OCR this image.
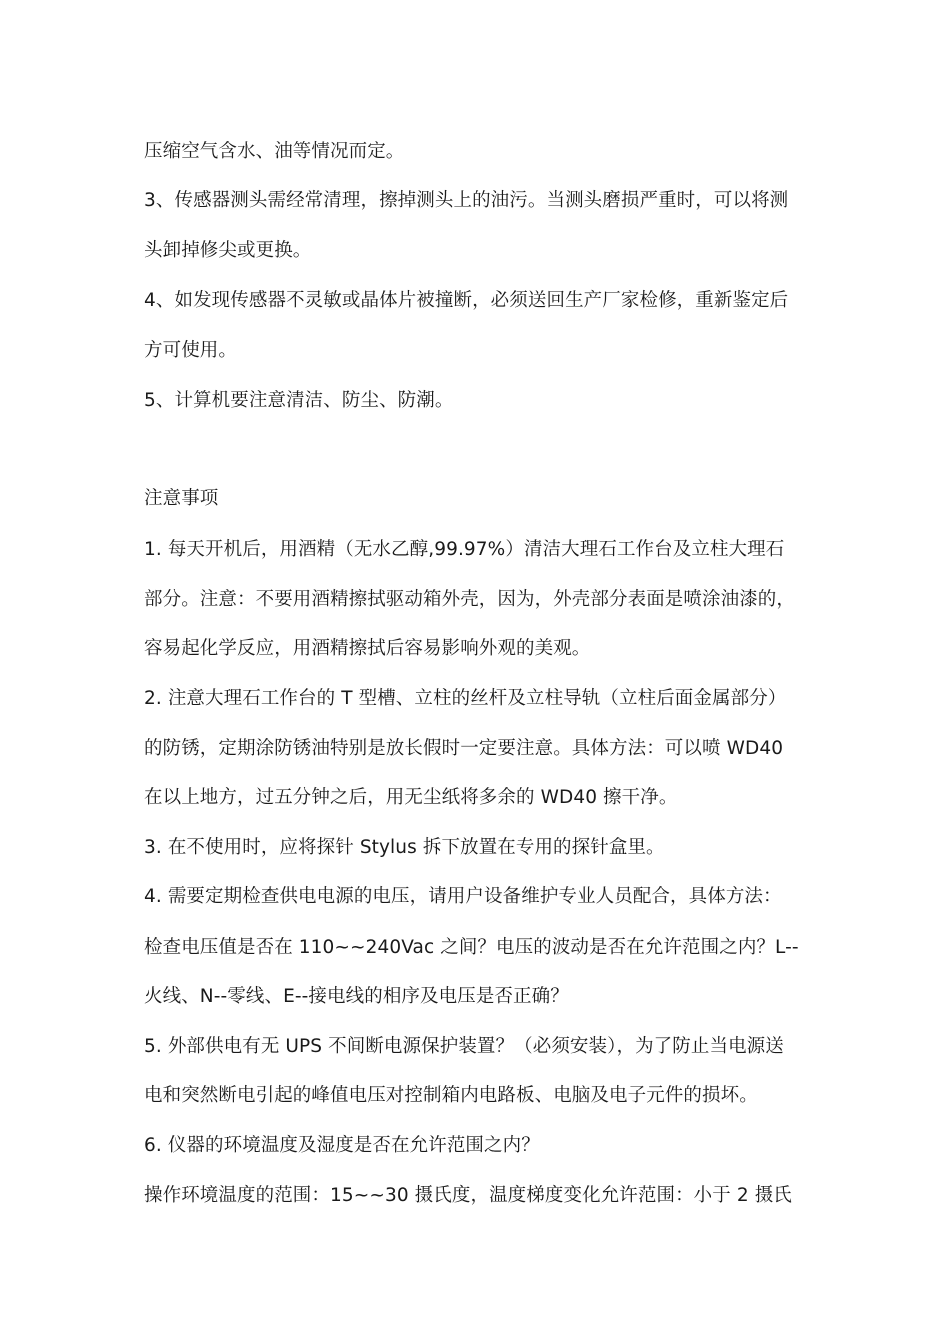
压缩空气含水、油等情况而定。
3、传感器测头需经常清理，擦掉测头上的油污。当测头磨损严重时，可以将测
头卸掉修尖或更换。
4、如发现传感器不灵敏或晶体片被撞断，必须送回生产厂家检修，重新鉴定后
方可使用。
5、计算机要注意清洁、防尘、防潮。
注意事项
1. 每天开机后，用酒精（无水乙醇,99.97%）清洁大理石工作台及立柱大理石
部分。注意：不要用酒精擦拭驱动箱外壳，因为，外壳部分表面是喷涂油漆的，
容易起化学反应，用酒精擦拭后容易影响外观的美观。
2. 注意大理石工作台的 T 型槽、立柱的丝杆及立柱导轨（立柱后面金属部分）
的防锈，定期涂防锈油特别是放长假时一定要注意。具体方法：可以喷 WD40
在以上地方，过五分钟之后，用无尘纸将多余的 WD40 擦干净。
3. 在不使用时，应将探针 Stylus 拆下放置在专用的探针盒里。
4. 需要定期检查供电电源的电压，请用户设备维护专业人员配合，具体方法：
检查电压值是否在 110~~240Vac 之间？电压的波动是否在允许范围之内？L--
火线、N--零线、E--接电线的相序及电压是否正确？
5. 外部供电有无 UPS 不间断电源保护装置？（必须安装），为了防止当电源送
电和突然断电引起的峰值电压对控制箱内电路板、电脑及电子元件的损坏。
6. 仪器的环境温度及湿度是否在允许范围之内？
操作环境温度的范围：15~~30 摄氏度，温度梯度变化允许范围：小于 2 摄氏
